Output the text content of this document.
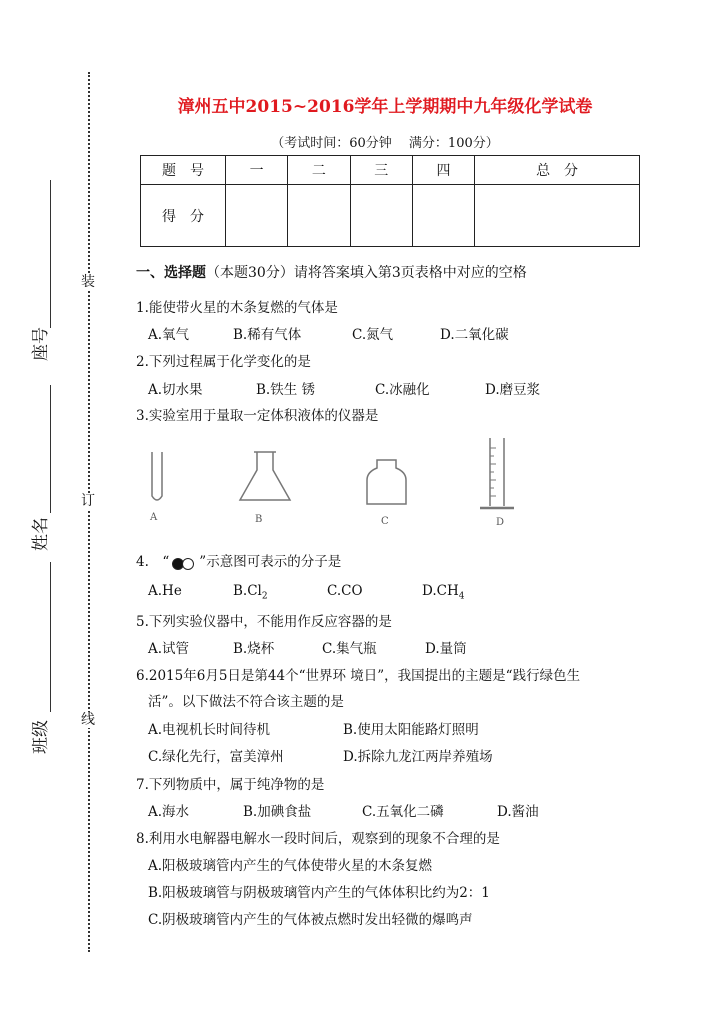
装
订
线
座号
姓名
班级
漳州五中2015~2016学年上学期期中九年级化学试卷
（考试时间：60分钟　 满分：100分）
题　号	一	二	三	四	总　分
得　分					
一、选择题（本题30分）请将答案填入第3页表格中对应的空格
1.能使带火星的木条复燃的气体是
A.氧气	B.稀有气体	C.氮气	D.二氧化碳
2.下列过程属于化学变化的是
A.切水果	B.铁生 锈	C.冰融化	D.磨豆浆
3.实验室用于量取一定体积液体的仪器是
A	B	C	D
4.　“ ”示意图可表示的分子是
A.He	$B.Cl_2$	C.CO	$D.CH_4$
5.下列实验仪器中，不能用作反应容器的是
A.试管	B.烧杯	C.集气瓶	D.量筒
6.2015年6月5日是第44个“世界环 境日”，我国提出的主题是“践行绿色生
活”。以下做法不符合该主题的是
A.电视机长时间待机	B.使用太阳能路灯照明
C.绿化先行，富美漳州	D.拆除九龙江两岸养殖场
7.下列物质中，属于纯净物的是
A.海水	B.加碘食盐	C.五氧化二磷	D.酱油
8.利用水电解器电解水一段时间后，观察到的现象不合理的是
A.阳极玻璃管内产生的气体使带火星的木条复燃
B.阳极玻璃管与阴极玻璃管内产生的气体体积比约为2：1
C.阴极玻璃管内产生的气体被点燃时发出轻微的爆鸣声
